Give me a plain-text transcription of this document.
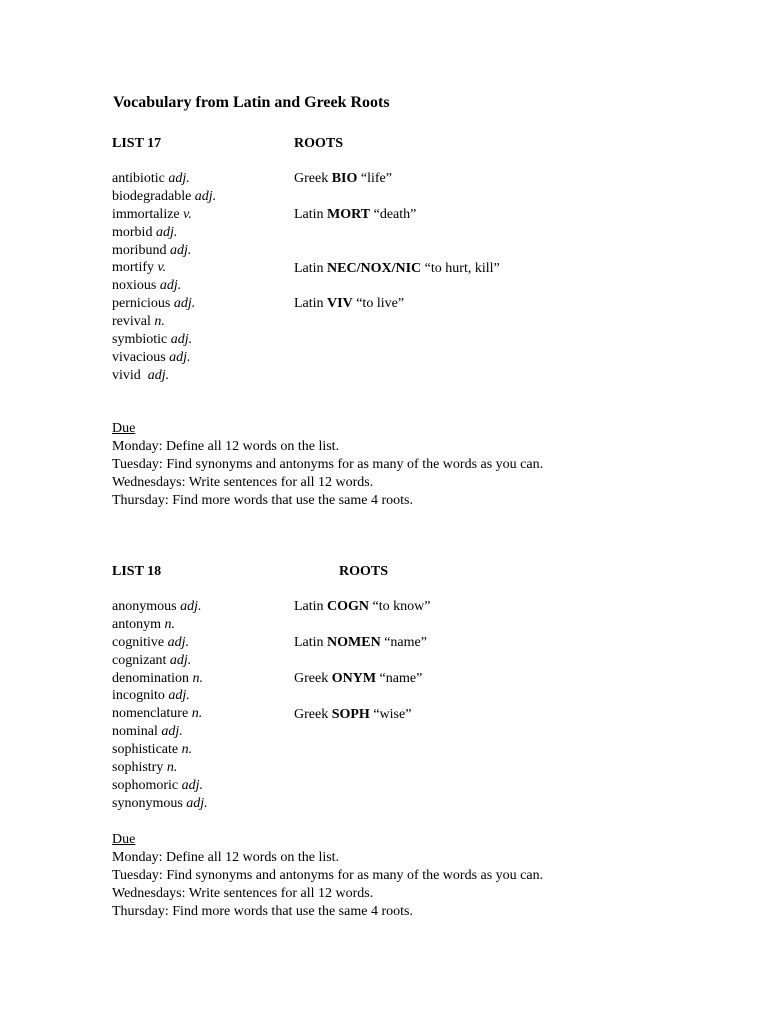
Vocabulary from Latin and Greek Roots
LIST 17	ROOTS
antibiotic adj.
biodegradable adj.
immortalize v.
morbid adj.
moribund adj.
mortify v.
noxious adj.
pernicious adj.
revival n.
symbiotic adj.
vivacious adj.
vivid adj.
Greek BIO “life”
Latin MORT “death”
Latin NEC/NOX/NIC “to hurt, kill”
Latin VIV “to live”
Due
Monday: Define all 12 words on the list.
Tuesday: Find synonyms and antonyms for as many of the words as you can.
Wednesdays: Write sentences for all 12 words.
Thursday: Find more words that use the same 4 roots.
LIST 18	ROOTS
anonymous adj.
antonym n.
cognitive adj.
cognizant adj.
denomination n.
incognito adj.
nomenclature n.
nominal adj.
sophisticate n.
sophistry n.
sophomoric adj.
synonymous adj.
Latin COGN “to know”
Latin NOMEN “name”
Greek ONYM “name”
Greek SOPH “wise”
Due
Monday: Define all 12 words on the list.
Tuesday: Find synonyms and antonyms for as many of the words as you can.
Wednesdays: Write sentences for all 12 words.
Thursday: Find more words that use the same 4 roots.
